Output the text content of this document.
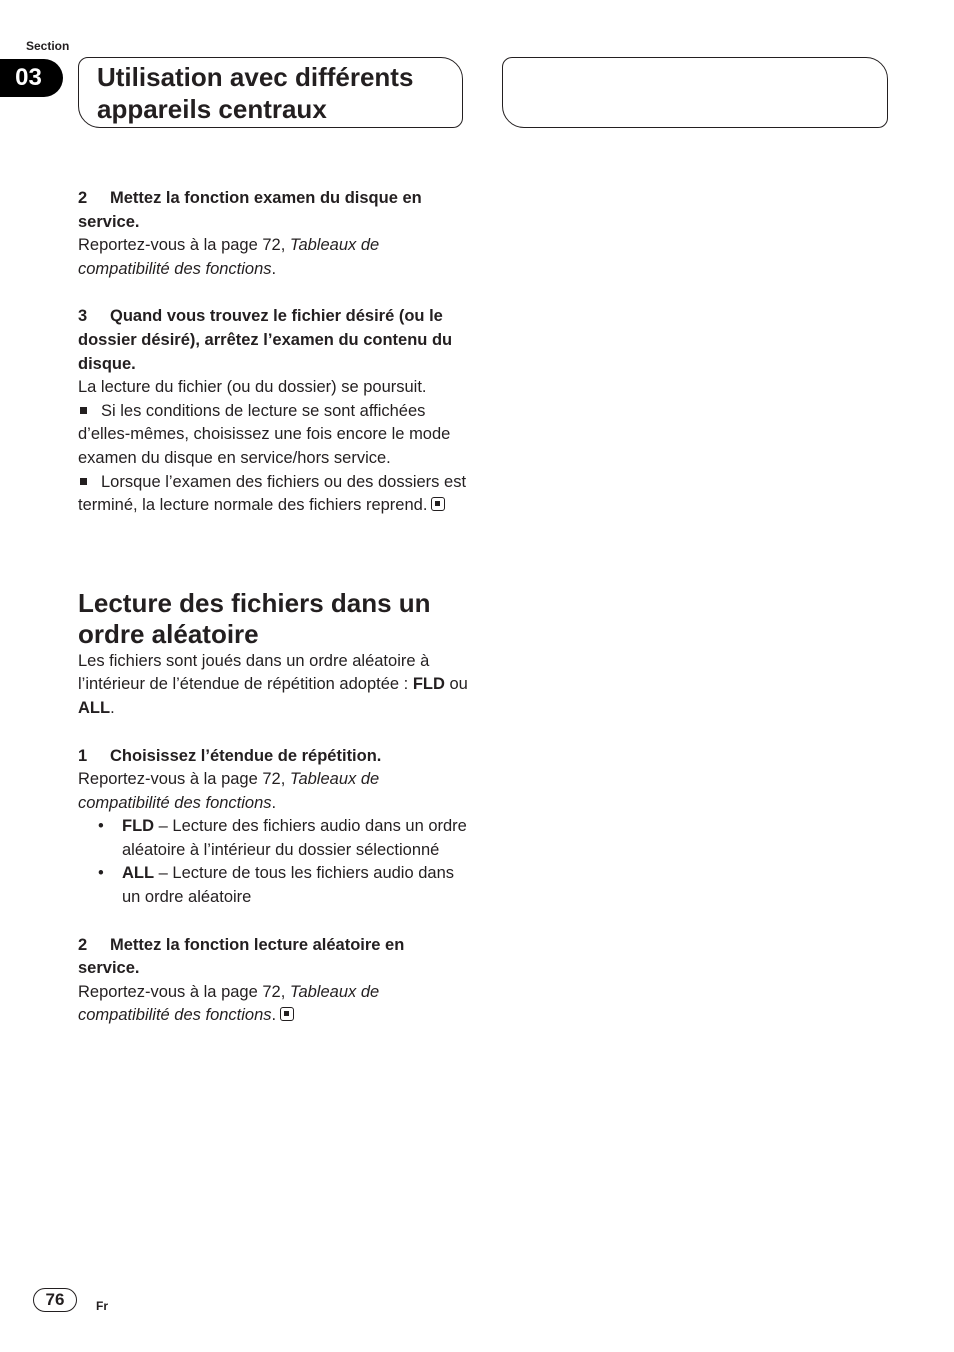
Section
03	Utilisation avec différents
appareils centraux

2 Mettez la fonction examen du disque en service.

Reportez-vous à la page 72, Tableaux de compatibilité des fonctions.

3 Quand vous trouvez le fichier désiré (ou le dossier désiré), arrêtez l’examen du contenu du disque.

La lecture du fichier (ou du dossier) se poursuit.

Si les conditions de lecture se sont affichées d’elles-mêmes, choisissez une fois encore le mode examen du disque en service/hors service.

Lorsque l’examen des fichiers ou des dossiers est terminé, la lecture normale des fichiers reprend.

Lecture des fichiers dans un ordre aléatoire

Les fichiers sont joués dans un ordre aléatoire à l’intérieur de l’étendue de répétition adoptée : FLD ou ALL.

1 Choisissez l’étendue de répétition.

Reportez-vous à la page 72, Tableaux de compatibilité des fonctions.

• FLD – Lecture des fichiers audio dans un ordre aléatoire à l’intérieur du dossier sélectionné

• ALL – Lecture de tous les fichiers audio dans un ordre aléatoire

2 Mettez la fonction lecture aléatoire en service.

Reportez-vous à la page 72, Tableaux de compatibilité des fonctions.

76	Fr
